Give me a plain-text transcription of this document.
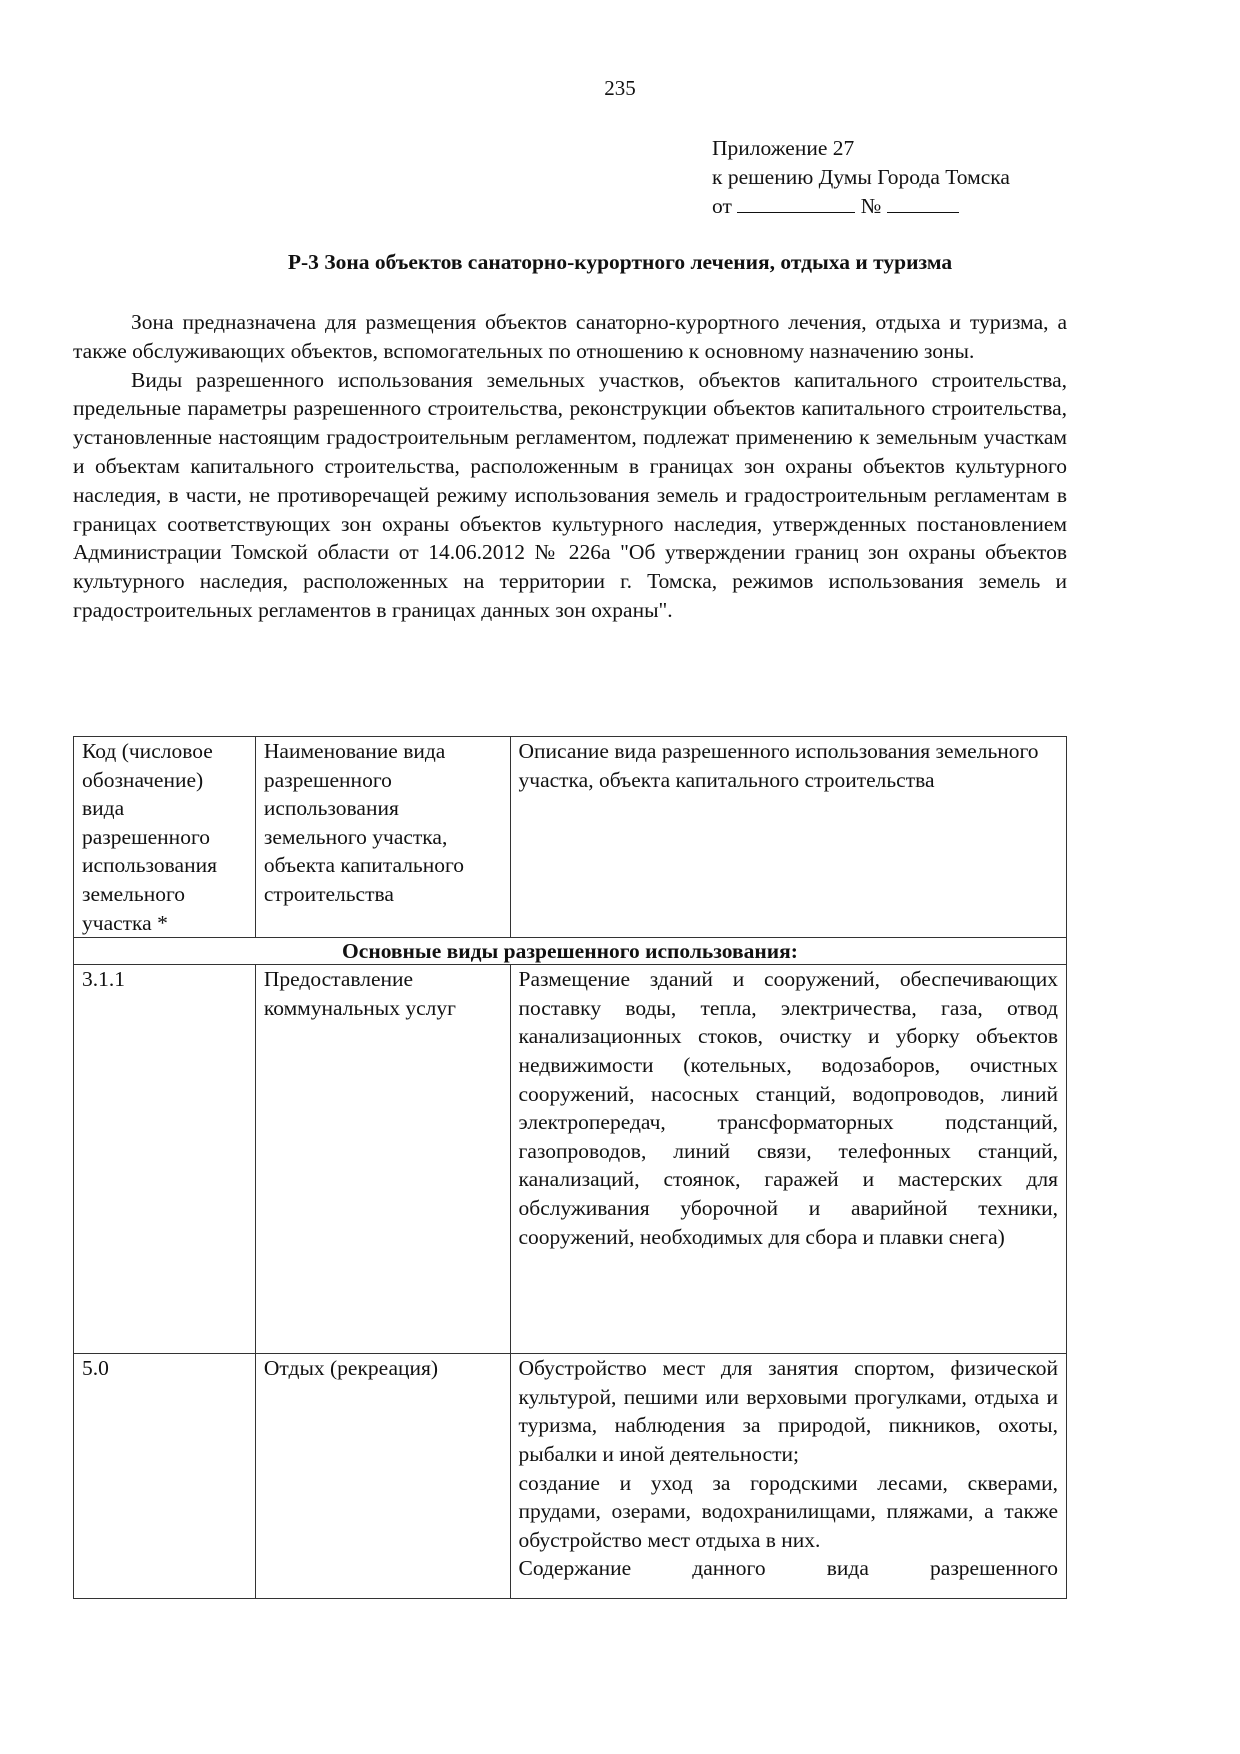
235
Приложение 27
к решению Думы Города Томска
от	№
Р-3 Зона объектов санаторно-курортного лечения, отдыха и туризма

Зона предназначена для размещения объектов санаторно-курортного лечения, отдыха и туризма, а также обслуживающих объектов, вспомогательных по отношению к основному назначению зоны.

Виды разрешенного использования земельных участков, объектов капитального строительства, предельные параметры разрешенного строительства, реконструкции объектов капитального строительства, установленные настоящим градостроительным регламентом, подлежат применению к земельным участкам и объектам капитального строительства, расположенным в границах зон охраны объектов культурного наследия, в части, не противоречащей режиму использования земель и градостроительным регламентам в границах соответствующих зон охраны объектов культурного наследия, утвержденных постановлением Администрации Томской области от 14.06.2012 № 226а "Об утверждении границ зон охраны объектов культурного наследия, расположенных на территории г. Томска, режимов использования земель и градостроительных регламентов в границах данных зон охраны".

Код (числовое обозначение) вида разрешенного использования земельного участка *	Наименование вида разрешенного использования земельного участка, объекта капитального строительства	Описание вида разрешенного использования земельного участка, объекта капитального строительства
Основные виды разрешенного использования:		
3.1.1	Предоставление коммунальных услуг	Размещение зданий и сооружений, обеспечивающих поставку воды, тепла, электричества, газа, отвод канализационных стоков, очистку и уборку объектов недвижимости (котельных, водозаборов, очистных сооружений, насосных станций, водопроводов, линий электропередач, трансформаторных подстанций, газопроводов, линий связи, телефонных станций, канализаций, стоянок, гаражей и мастерских для обслуживания уборочной и аварийной техники, сооружений, необходимых для сбора и плавки снега)
5.0	Отдых (рекреация)	Обустройство мест для занятия спортом, физической культурой, пешими или верховыми прогулками, отдыха и туризма, наблюдения за природой, пикников, охоты, рыбалки и иной деятельности;
создание и уход за городскими лесами, скверами, прудами, озерами, водохранилищами, пляжами, а также обустройство мест отдыха в них.
Содержание данного вида разрешенного
